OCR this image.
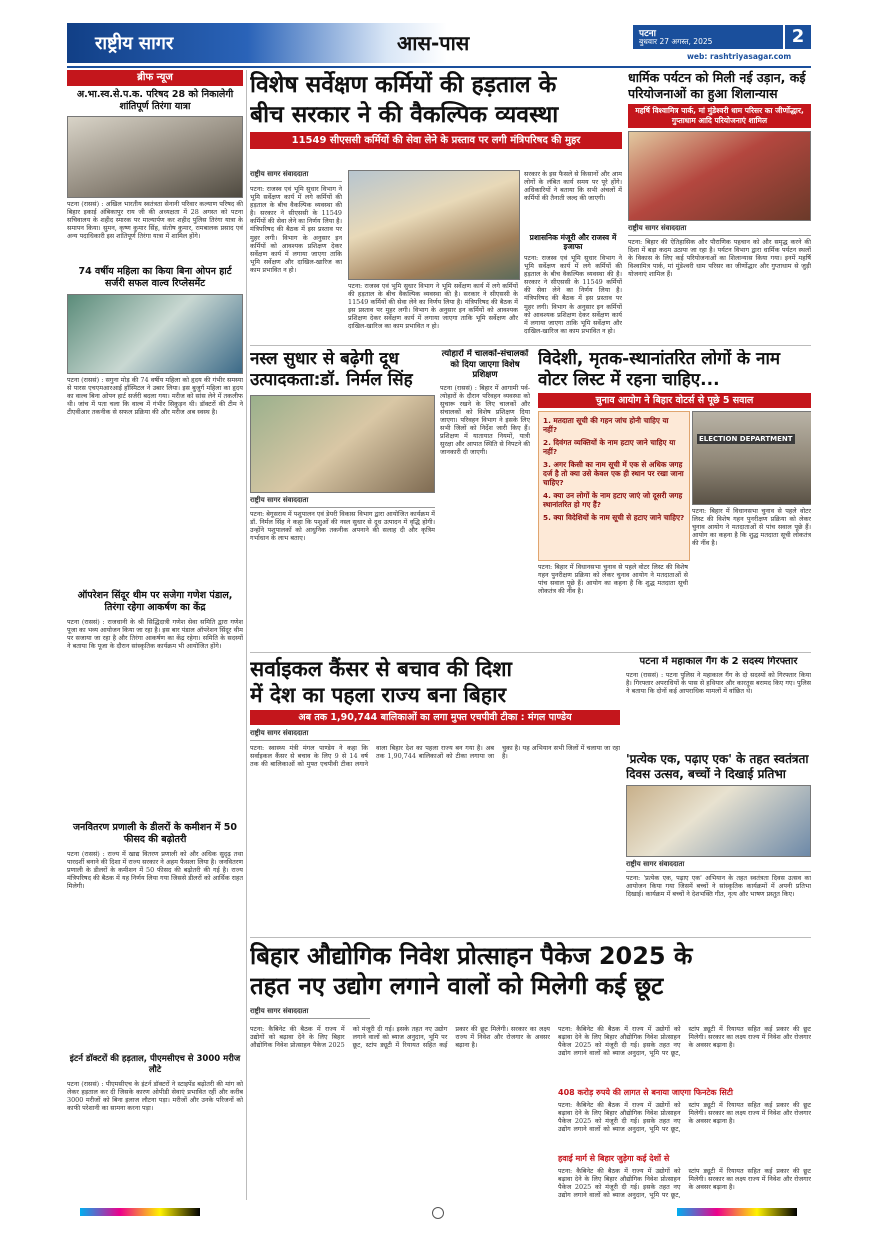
राष्ट्रीय सागर	आस-पास	पटना
बुधवार 27 अगस्त, 2025	2
web: rashtriyasagar.com
ब्रीफ न्यूज
अ.भा.स्व.से.प.क. परिषद 28 को निकालेगी शांतिपूर्ण तिरंगा यात्रा
पटना (राससं) : अखिल भारतीय स्वतंत्रता सेनानी परिवार कल्याण परिषद की बिहार इकाई अंबिकापुर राय जी की अध्यक्षता में 28 अगस्त को पटना सचिवालय के शहीद स्मारक पर माल्यार्पण कर शहीद पुलिस तिरंगा यात्रा के समापन किया। सुमन, कृष्ण कुमार सिंह, संतोष कुमार, रामबालक प्रसाद एवं अन्य पदाधिकारी इस शांतिपूर्ण तिरंगा यात्रा में शामिल होंगे।
74 वर्षीय महिला का किया बिना ओपन हार्ट सर्जरी सफल वाल्व रिप्लेसमेंट
पटना (राससं) : सगुना मोड़ की 74 वर्षीय महिला को हृदय की गंभीर समस्या से पारस एचएमआरआई हॉस्पिटल ने उबार लिया। इस बुजुर्ग महिला का हृदय का वाल्व बिना ओपन हार्ट सर्जरी बदला गया। मरीज को सांस लेने में तकलीफ थी। जांच में पता चला कि वाल्व में गंभीर सिकुड़न थी। डॉक्टरों की टीम ने टीएवीआर तकनीक से सफल प्रक्रिया की और मरीज अब स्वस्थ है।
ऑपरेशन सिंदूर थीम पर सजेगा गणेश पंडाल, तिरंगा रहेगा आकर्षण का केंद्र
पटना (राससं) : राजधानी के श्री सिद्धिदात्री गणेश सेवा समिति द्वारा गणेश पूजा का भव्य आयोजन किया जा रहा है। इस बार पंडाल ऑपरेशन सिंदूर थीम पर सजाया जा रहा है और तिरंगा आकर्षण का केंद्र रहेगा। समिति के सदस्यों ने बताया कि पूजा के दौरान सांस्कृतिक कार्यक्रम भी आयोजित होंगे।
जनवितरण प्रणाली के डीलरों के कमीशन में 50 फीसद की बढ़ोतरी
पटना (राससं) : राज्य में खाद्य वितरण प्रणाली को और अधिक सुदृढ़ तथा पारदर्शी बनाने की दिशा में राज्य सरकार ने अहम फैसला लिया है। जनवितरण प्रणाली के डीलरों के कमीशन में 50 फीसद की बढ़ोतरी की गई है। राज्य मंत्रिपरिषद की बैठक में यह निर्णय लिया गया जिससे डीलरों को आर्थिक राहत मिलेगी।
इंटर्न डॉक्टरों की हड़ताल, पीएमसीएच से 3000 मरीज लौटे
पटना (राससं) : पीएमसीएच के इंटर्न डॉक्टरों ने स्टाइपेंड बढ़ोतरी की मांग को लेकर हड़ताल कर दी जिसके कारण ओपीडी सेवाएं प्रभावित रहीं और करीब 3000 मरीजों को बिना इलाज लौटना पड़ा। मरीजों और उनके परिजनों को काफी परेशानी का सामना करना पड़ा।
विशेष सर्वेक्षण कर्मियों की हड़ताल के
बीच सरकार ने की वैकल्पिक व्यवस्था
11549 सीएससी कर्मियों की सेवा लेने के प्रस्ताव पर लगी मंत्रिपरिषद की मुहर
राष्ट्रीय सागर संवाददाता
पटना: राजस्व एवं भूमि सुधार विभाग ने भूमि सर्वेक्षण कार्य में लगे कर्मियों की हड़ताल के बीच वैकल्पिक व्यवस्था की है। सरकार ने सीएससी के 11549 कर्मियों की सेवा लेने का निर्णय लिया है। मंत्रिपरिषद की बैठक में इस प्रस्ताव पर मुहर लगी। विभाग के अनुसार इन कर्मियों को आवश्यक प्रशिक्षण देकर सर्वेक्षण कार्य में लगाया जाएगा ताकि भूमि सर्वेक्षण और दाखिल-खारिज का काम प्रभावित न हो।
पटना: राजस्व एवं भूमि सुधार विभाग ने भूमि सर्वेक्षण कार्य में लगे कर्मियों की हड़ताल के बीच वैकल्पिक व्यवस्था की है। सरकार ने सीएससी के 11549 कर्मियों की सेवा लेने का निर्णय लिया है। मंत्रिपरिषद की बैठक में इस प्रस्ताव पर मुहर लगी। विभाग के अनुसार इन कर्मियों को आवश्यक प्रशिक्षण देकर सर्वेक्षण कार्य में लगाया जाएगा ताकि भूमि सर्वेक्षण और दाखिल-खारिज का काम प्रभावित न हो।
सरकार के इस फैसले से किसानों और आम लोगों के लंबित कार्य समय पर पूरे होंगे। अधिकारियों ने बताया कि सभी अंचलों में कर्मियों की तैनाती जल्द की जाएगी।
प्रशासनिक मंजूरी और राजस्व में इजाफा
पटना: राजस्व एवं भूमि सुधार विभाग ने भूमि सर्वेक्षण कार्य में लगे कर्मियों की हड़ताल के बीच वैकल्पिक व्यवस्था की है। सरकार ने सीएससी के 11549 कर्मियों की सेवा लेने का निर्णय लिया है। मंत्रिपरिषद की बैठक में इस प्रस्ताव पर मुहर लगी। विभाग के अनुसार इन कर्मियों को आवश्यक प्रशिक्षण देकर सर्वेक्षण कार्य में लगाया जाएगा ताकि भूमि सर्वेक्षण और दाखिल-खारिज का काम प्रभावित न हो।
धार्मिक पर्यटन को मिली नई उड़ान, कई परियोजनाओं का हुआ शिलान्यास
महर्षि विश्वामित्र पार्क, मां मुंडेश्वरी धाम परिसर का जीर्णोद्धार, गुप्ताधाम आदि परियोजनाएं शामिल
राष्ट्रीय सागर संवाददाता
पटना: बिहार की ऐतिहासिक और पौराणिक पहचान को और समृद्ध करने की दिशा में बड़ा कदम उठाया जा रहा है। पर्यटन विभाग द्वारा धार्मिक पर्यटन स्थलों के विकास के लिए कई परियोजनाओं का शिलान्यास किया गया। इनमें महर्षि विश्वामित्र पार्क, मां मुंडेश्वरी धाम परिसर का जीर्णोद्धार और गुप्ताधाम से जुड़ी योजनाएं शामिल हैं।
नस्ल सुधार से बढ़ेगी दूध उत्पादकता:डॉ. निर्मल सिंह
राष्ट्रीय सागर संवाददाता
पटना: बेगूसराय में पशुपालन एवं डेयरी विकास विभाग द्वारा आयोजित कार्यक्रम में डॉ. निर्मल सिंह ने कहा कि पशुओं की नस्ल सुधार से दूध उत्पादन में वृद्धि होगी। उन्होंने पशुपालकों को आधुनिक तकनीक अपनाने की सलाह दी और कृत्रिम गर्भाधान के लाभ बताए।
त्योहारों में चालकों-संचालकों को दिया जाएगा विशेष प्रशिक्षण
पटना (राससं) : बिहार में आगामी पर्व-त्योहारों के दौरान परिवहन व्यवस्था को सुचारू रखने के लिए चालकों और संचालकों को विशेष प्रशिक्षण दिया जाएगा। परिवहन विभाग ने इसके लिए सभी जिलों को निर्देश जारी किए हैं। प्रशिक्षण में यातायात नियमों, यात्री सुरक्षा और आपात स्थिति से निपटने की जानकारी दी जाएगी।
विदेशी, मृतक-स्थानांतरित लोगों के नाम वोटर लिस्ट में रहना चाहिए...
चुनाव आयोग ने बिहार वोटर्स से पूछे 5 सवाल
1. मतदाता सूची की गहन जांच होनी चाहिए या नहीं?
2. दिवंगत व्यक्तियों के नाम हटाए जाने चाहिए या नहीं?
3. अगर किसी का नाम सूची में एक से अधिक जगह दर्ज है तो क्या उसे केवल एक ही स्थान पर रखा जाना चाहिए?
4. क्या उन लोगों के नाम हटाए जाएं जो दूसरी जगह स्थानांतरित हो गए हैं?
5. क्या विदेशियों के नाम सूची से हटाए जाने चाहिए?
ELECTION DEPARTMENT
पटना: बिहार में विधानसभा चुनाव से पहले वोटर लिस्ट की विशेष गहन पुनरीक्षण प्रक्रिया को लेकर चुनाव आयोग ने मतदाताओं से पांच सवाल पूछे हैं। आयोग का कहना है कि शुद्ध मतदाता सूची लोकतंत्र की नींव है।
पटना: बिहार में विधानसभा चुनाव से पहले वोटर लिस्ट की विशेष गहन पुनरीक्षण प्रक्रिया को लेकर चुनाव आयोग ने मतदाताओं से पांच सवाल पूछे हैं। आयोग का कहना है कि शुद्ध मतदाता सूची लोकतंत्र की नींव है।
सर्वाइकल कैंसर से बचाव की दिशा
में देश का पहला राज्य बना बिहार
अब तक 1,90,744 बालिकाओं का लगा मुफ्त एचपीवी टीका : मंगल पाण्डेय
राष्ट्रीय सागर संवाददाता
पटना: स्वास्थ्य मंत्री मंगल पाण्डेय ने कहा कि सर्वाइकल कैंसर से बचाव के लिए 9 से 14 वर्ष तक की बालिकाओं को मुफ्त एचपीवी टीका लगाने वाला बिहार देश का पहला राज्य बन गया है। अब तक 1,90,744 बालिकाओं को टीका लगाया जा चुका है। यह अभियान सभी जिलों में चलाया जा रहा है।
पटना में महाकाल गैंग के 2 सदस्य गिरफ्तार
पटना (राससं) : पटना पुलिस ने महाकाल गैंग के दो सदस्यों को गिरफ्तार किया है। गिरफ्तार अपराधियों के पास से हथियार और कारतूस बरामद किए गए। पुलिस ने बताया कि दोनों कई आपराधिक मामलों में वांछित थे।
'प्रत्येक एक, पढ़ाए एक' के तहत स्वतंत्रता दिवस उत्सव, बच्चों ने दिखाई प्रतिभा
राष्ट्रीय सागर संवाददाता
पटना: 'प्रत्येक एक, पढ़ाए एक' अभियान के तहत स्वतंत्रता दिवस उत्सव का आयोजन किया गया जिसमें बच्चों ने सांस्कृतिक कार्यक्रमों में अपनी प्रतिभा दिखाई। कार्यक्रम में बच्चों ने देशभक्ति गीत, नृत्य और भाषण प्रस्तुत किए।
बिहार औद्योगिक निवेश प्रोत्साहन पैकेज 2025 के
तहत नए उद्योग लगाने वालों को मिलेगी कई छूट
राष्ट्रीय सागर संवाददाता
पटना: कैबिनेट की बैठक में राज्य में उद्योगों को बढ़ावा देने के लिए बिहार औद्योगिक निवेश प्रोत्साहन पैकेज 2025 को मंजूरी दी गई। इसके तहत नए उद्योग लगाने वालों को ब्याज अनुदान, भूमि पर छूट, स्टांप ड्यूटी में रियायत सहित कई प्रकार की छूट मिलेगी। सरकार का लक्ष्य राज्य में निवेश और रोजगार के अवसर बढ़ाना है।
पटना: कैबिनेट की बैठक में राज्य में उद्योगों को बढ़ावा देने के लिए बिहार औद्योगिक निवेश प्रोत्साहन पैकेज 2025 को मंजूरी दी गई। इसके तहत नए उद्योग लगाने वालों को ब्याज अनुदान, भूमि पर छूट, स्टांप ड्यूटी में रियायत सहित कई प्रकार की छूट मिलेगी। सरकार का लक्ष्य राज्य में निवेश और रोजगार के अवसर बढ़ाना है।
408 करोड़ रुपये की लागत से बनाया जाएगा फिनटेक सिटी
पटना: कैबिनेट की बैठक में राज्य में उद्योगों को बढ़ावा देने के लिए बिहार औद्योगिक निवेश प्रोत्साहन पैकेज 2025 को मंजूरी दी गई। इसके तहत नए उद्योग लगाने वालों को ब्याज अनुदान, भूमि पर छूट, स्टांप ड्यूटी में रियायत सहित कई प्रकार की छूट मिलेगी। सरकार का लक्ष्य राज्य में निवेश और रोजगार के अवसर बढ़ाना है।
हवाई मार्ग से बिहार जुड़ेगा कई देशों से
पटना: कैबिनेट की बैठक में राज्य में उद्योगों को बढ़ावा देने के लिए बिहार औद्योगिक निवेश प्रोत्साहन पैकेज 2025 को मंजूरी दी गई। इसके तहत नए उद्योग लगाने वालों को ब्याज अनुदान, भूमि पर छूट, स्टांप ड्यूटी में रियायत सहित कई प्रकार की छूट मिलेगी। सरकार का लक्ष्य राज्य में निवेश और रोजगार के अवसर बढ़ाना है।
